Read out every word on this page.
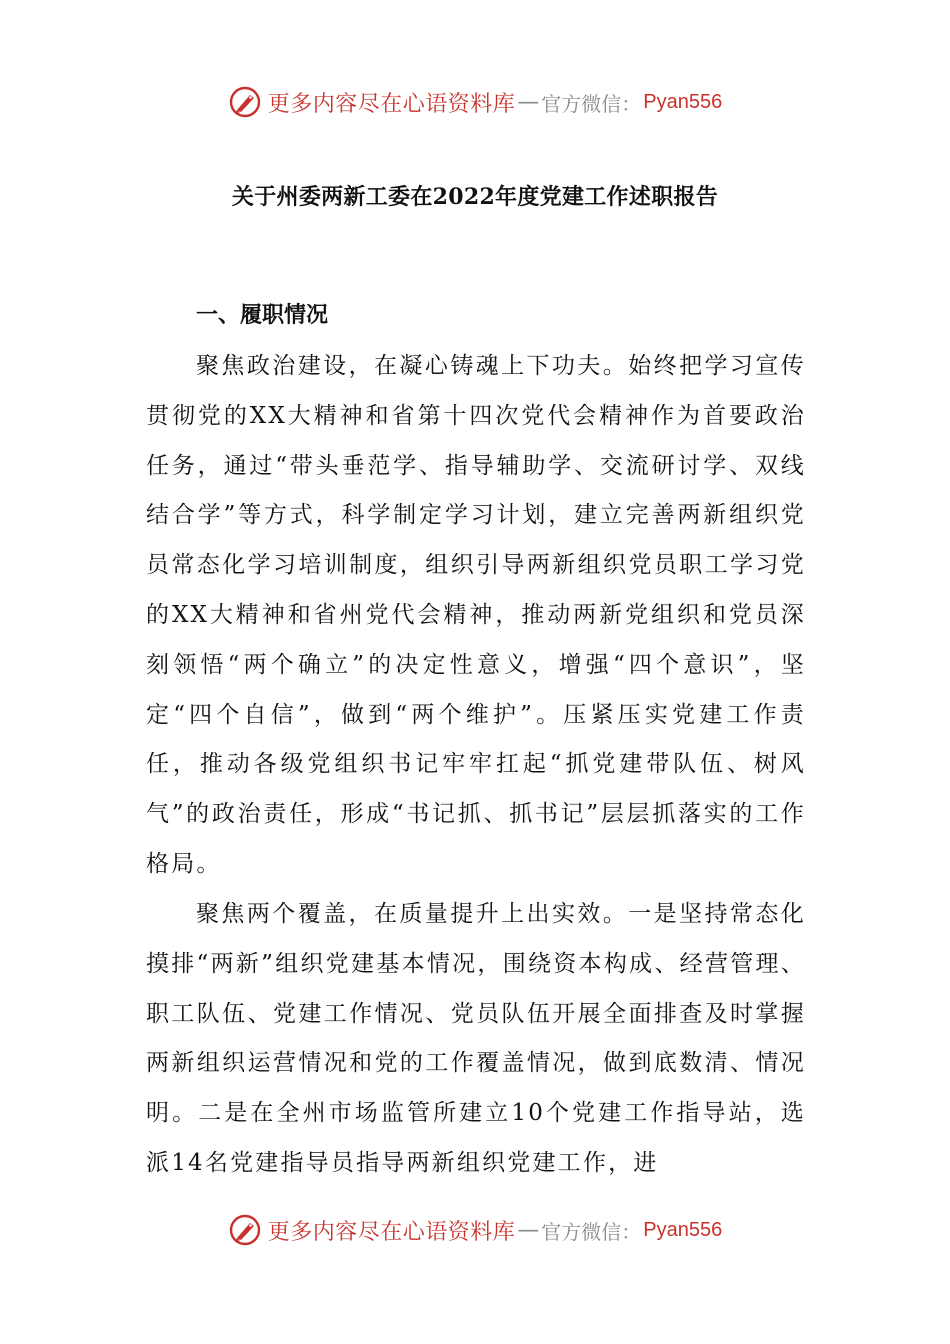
更多内容尽在心语资料库 — 官方微信： Pyan556
关于州委两新工委在2022年度党建工作述职报告
一、履职情况

聚焦政治建设，在凝心铸魂上下功夫。始终把学习宣传贯彻党的XX大精神和省第十四次党代会精神作为首要政治任务，通过“带头垂范学、指导辅助学、交流研讨学、双线结合学”等方式，科学制定学习计划，建立完善两新组织党员常态化学习培训制度，组织引导两新组织党员职工学习党的XX大精神和省州党代会精神，推动两新党组织和党员深刻领悟“两个确立”的决定性意义，增强“四个意识”，坚定“四个自信”，做到“两个维护”。压紧压实党建工作责任，推动各级党组织书记牢牢扛起“抓党建带队伍、树风气”的政治责任，形成“书记抓、抓书记”层层抓落实的工作格局。

聚焦两个覆盖，在质量提升上出实效。一是坚持常态化摸排“两新”组织党建基本情况，围绕资本构成、经营管理、职工队伍、党建工作情况、党员队伍开展全面排查及时掌握两新组织运营情况和党的工作覆盖情况，做到底数清、情况明。二是在全州市场监管所建立10个党建工作指导站，选派14名党建指导员指导两新组织党建工作，进

更多内容尽在心语资料库 — 官方微信： Pyan556
